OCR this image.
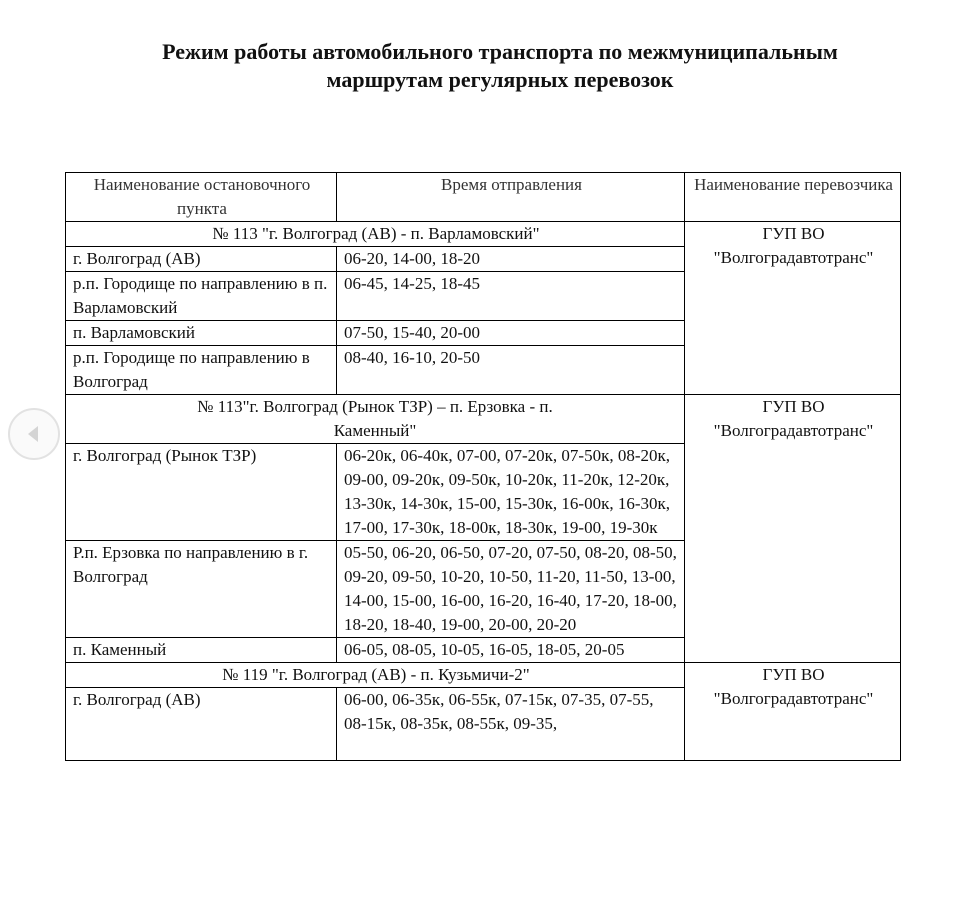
Режим работы автомобильного транспорта по межмуниципальным
маршрутам регулярных перевозок
Наименование остановочного пункта	Время отправления	Наименование перевозчика
№ 113 "г. Волгоград (АВ) - п. Варламовский"		ГУП ВО
"Волгоградавтотранс"

г. Волгоград (АВ)	06-20, 14-00, 18-20	
р.п. Городище по направлению в п. Варламовский	06-45, 14-25, 18-45	
п. Варламовский	07-50, 15-40, 20-00	
р.п. Городище по направлению в Волгоград	08-40, 16-10, 20-50	
№ 113"г. Волгоград (Рынок ТЗР) – п. Ерзовка - п. Каменный"		ГУП ВО
"Волгоградавтотранс"

г. Волгоград (Рынок ТЗР)	06-20к, 06-40к, 07-00, 07-20к, 07-50к, 08-20к, 09-00, 09-20к, 09-50к, 10-20к, 11-20к, 12-20к, 13-30к, 14-30к, 15-00, 15-30к, 16-00к, 16-30к, 17-00, 17-30к, 18-00к, 18-30к, 19-00, 19-30к	
Р.п. Ерзовка по направлению в г. Волгоград	05-50, 06-20, 06-50, 07-20, 07-50, 08-20, 08-50, 09-20, 09-50, 10-20, 10-50, 11-20, 11-50, 13-00, 14-00, 15-00, 16-00, 16-20, 16-40, 17-20, 18-00, 18-20, 18-40, 19-00, 20-00, 20-20	
п. Каменный	06-05, 08-05, 10-05, 16-05, 18-05, 20-05	
№ 119 "г. Волгоград (АВ) - п. Кузьмичи-2"		ГУП ВО
"Волгоградавтотранс"

г. Волгоград (АВ)	06-00, 06-35к, 06-55к, 07-15к, 07-35, 07-55, 08-15к, 08-35к, 08-55к, 09-35,	
